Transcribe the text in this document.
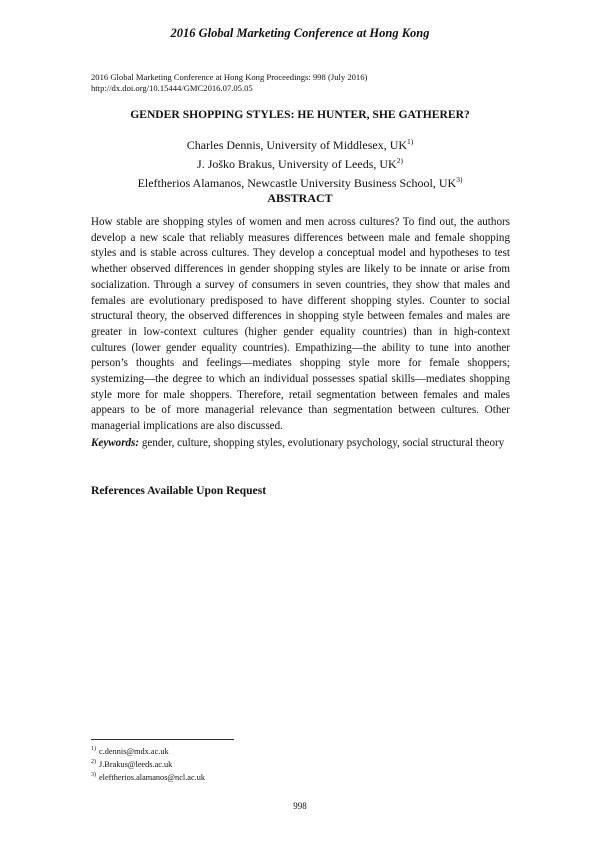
2016 Global Marketing Conference at Hong Kong
2016 Global Marketing Conference at Hong Kong Proceedings: 998 (July 2016)
http://dx.doi.org/10.15444/GMC2016.07.05.05
GENDER SHOPPING STYLES: HE HUNTER, SHE GATHERER?
Charles Dennis, University of Middlesex, UK$^{1)}$
J. Joško Brakus, University of Leeds, UK$^{2)}$
Eleftherios Alamanos, Newcastle University Business School, UK$^{3)}$
ABSTRACT

How stable are shopping styles of women and men across cultures? To find out, the authors develop a new scale that reliably measures differences between male and female shopping styles and is stable across cultures. They develop a conceptual model and hypotheses to test whether observed differences in gender shopping styles are likely to be innate or arise from socialization. Through a survey of consumers in seven countries, they show that males and females are evolutionary predisposed to have different shopping styles. Counter to social structural theory, the observed differences in shopping style between females and males are greater in low-context cultures (higher gender equality countries) than in high-context cultures (lower gender equality countries). Empathizing—the ability to tune into another person’s thoughts and feelings—mediates shopping style more for female shoppers; systemizing—the degree to which an individual possesses spatial skills—mediates shopping style more for male shoppers. Therefore, retail segmentation between females and males appears to be of more managerial relevance than segmentation between cultures. Other managerial implications are also discussed.

Keywords: gender, culture, shopping styles, evolutionary psychology, social structural theory

References Available Upon Request
$^{1)}$ c.dennis@mdx.ac.uk
$^{2)}$ J.Brakus@leeds.ac.uk
$^{3)}$ eleftherios.alamanos@ncl.ac.uk
998
